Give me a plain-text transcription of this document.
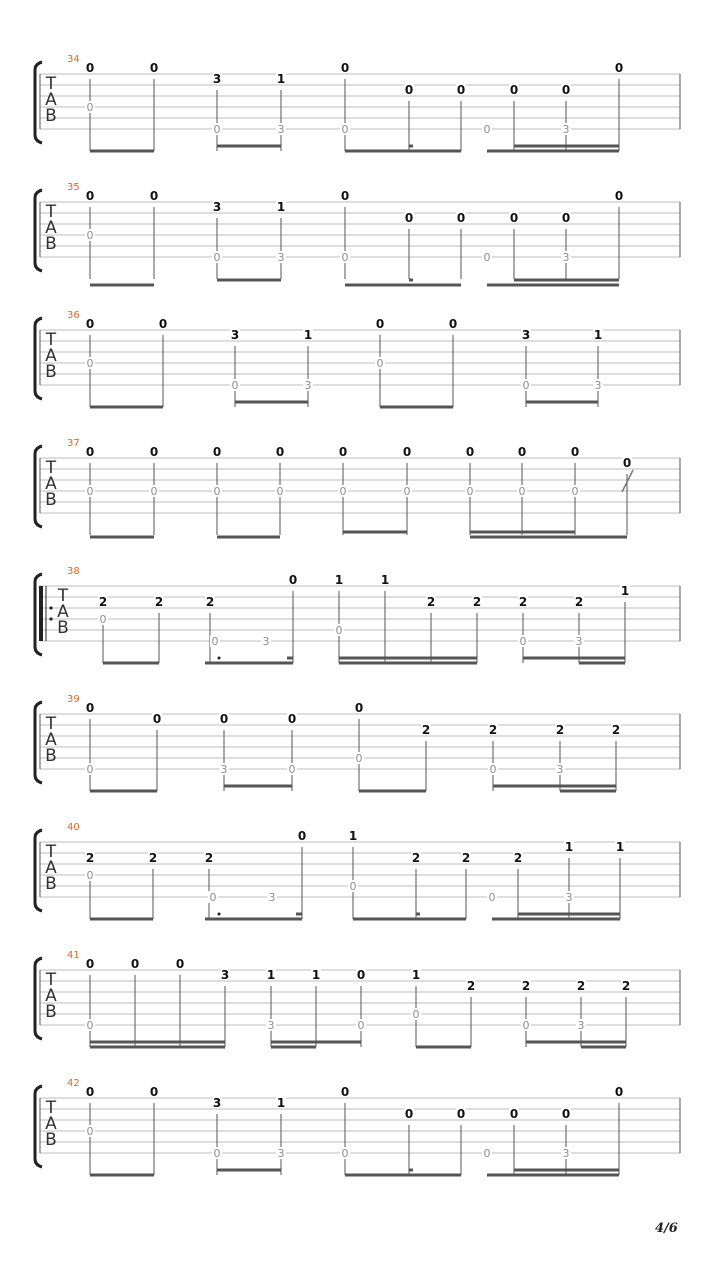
T
A
B
34
0	0
3	1
0
0	0	0	0
0
0
0	3	0	0	3
T
A
B
35
0	0
3	1
0
0	0	0	0
0
0
0	3	0	0	3
T
A
B
36
0	0
3	1
0	0
3	1
0
0	3
0
0	3
T
A
B
37
0	0	0	0	0	0	0	0	0
0
0	0	0	0	0	0	0	0	0
T
A
B
38
2	2	2
0	1	1
2	2	2	2
1
0
0	3
0
0	3
T
A
B
39
0
0	0	0
0
2	2	2	2
0	3	0
0
0	3
T
A
B
40
2	2	2
0	1
2	2	2
1	1
0
0	3
0
0	3
T
A
B
41
0	0	0
3	1	1	0	1
2	2	2	2
0	3	0
0
0	3
T
A
B
42
0	0
3	1
0
0	0	0	0
0
0
0	3	0	0	3
4/6
